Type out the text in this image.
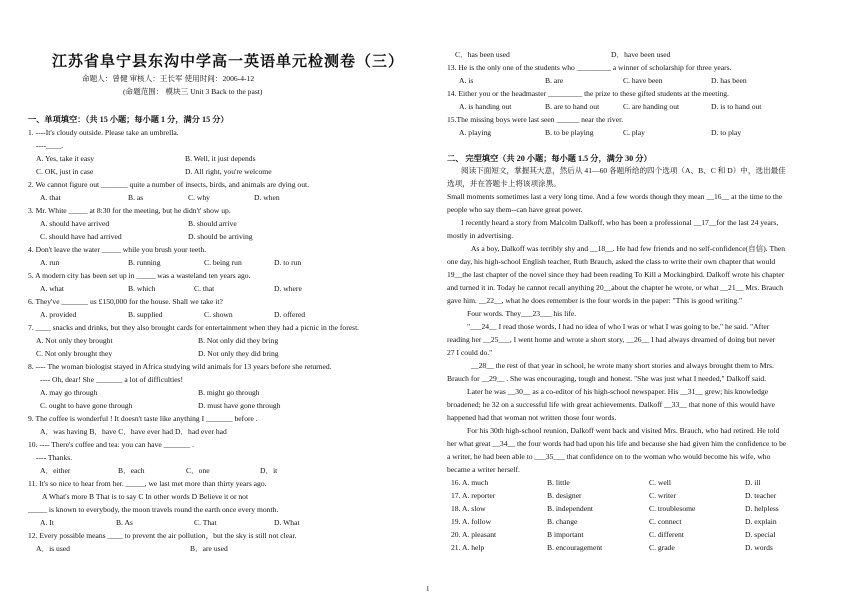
江苏省阜宁县东沟中学高一英语单元检测卷（三）
命题人：曾健 审核人：王长军 使用时间：2006-4-12
(命题范围： 模块三 Unit 3 Back to the past)
一、单项填空：（共 15 小题；每小题 1 分，满分 15 分）
1. ----It's cloudy outside. Please take an umbrella.
----____.
A. Yes, take it easy	B. Well, it just depends
C. OK, just in case	D. All right, you're welcome
2. We cannot figure out _______ quite a number of insects, birds, and animals are dying out.
A. that	B. as	C. why	D. when
3. Mr. White _____ at 8:30 for the meeting, but he didn't' show up.
A. should have arrived	B. should arrive
C. should have had arrived	D. should be arriving
4. Don't leave the water _____ while you brush your teeth.
A. run	B. running	C. being run	D. to run
5. A modern city has been set up in _____ was a wasteland ten years ago.
A. what	B. which	C. that	D. where
6. They've _______ us £150,000 for the house. Shall we take it?
A. provided	B. supplied	C. shown	D. offered
7. ____ snacks and drinks, but they also brought cards for entertainment when they had a picnic in the forest.
A. Not only they brought	B. Not only did they bring
C. Not only brought they	D. Not only they did bring
8. ---- The woman biologist stayed in Africa studying wild animals for 13 years before she returned.
---- Oh, dear! She _______ a lot of difficulties!
A. may go through	B. might go through
C. ought to have gone through	D. must have gone through
9. The coffee is wonderful ! It doesn't taste like anything I _______ before .
A．was having B．have C．have ever had D．had ever had
10. ---- There's coffee and tea: you can have _______ .
---- Thanks.
A．either	B．each	C．one	D．it
11. It's so nice to hear from her. _____, we last met more than thirty years ago.
A What's more B That is to say C In other words D Believe it or not
_____ is known to everybody, the moon travels round the earth once every month.
A. It	B. As	C. That	D. What
12. Every possible means ____ to prevent the air pollution，but the sky is still not clear.
A．is used	B．are used
C．has been used	D．have been used
13. He is the only one of the students who _________ a winner of scholarship for three years.
A. is	B. are	C. have been	D. has been
14. Either you or the headmaster _________ the prize to these gifted students at the meeting.
A. is handing out	B. are to hand out	C. are handing out	D. is to hand out
15.The missing boys were last seen ______ near the river.
A. playing	B. to be playing	C. play	D. to play
二、 完型填空（共 20 小题；每小题 1.5 分，满分 30 分）
阅读下面短文，掌握其大意，然后从 41—60 各题所给的四个选项（A、B、C 和 D）中，选出最佳
选项，并在答题卡上将该项涂黑。
Small moments sometimes last a very long time. And a few words though they mean __16__ at the time to the
people who say them--can have great power.
I recently heard a story from Malcolm Dalkoff, who has been a professional __17__for the last 24 years,
mostly in advertising.
As a boy, Dalkoff was terribly shy and __18__. He had few friends and no self-confidence(自信). Then
one day, his high-school English teacher, Ruth Brauch, asked the class to write their own chapter that would
19__the last chapter of the novel since they had been reading To Kill a Mockingbird. Dalkoff wrote his chapter
and turned it in. Today he cannot recall anything 20__about the chapter he wrote, or what __21__ Mrs. Brauch
gave him. __22__, what he does remember is the four words in the paper: "This is good writing."
Four words. They___23___ his life.
"___24__ I read those words, I had no idea of who I was or what I was going to be," he said. "After
reading her __25___, I went home and wrote a short story, __26__ I had always dreamed of doing but never
27 I could do."
__28__ the rest of that year in school, he wrote many short stories and always brought them to Mrs.
Brauch for __29__ . She was encouraging, tough and honest. "She was just what I needed," Dalkoff said.
Later he was __30__ as a co-editor of his high-school newspaper. His __31__ grew; his knowledge
broadened; he 32 on a successful life with great achievements. Dalkoff __33__ that none of this would have
happened had that woman not written those four words.
For his 30th high-school reunion, Dalkoff went back and visited Mrs. Brauch, who had retired. He told
her what great __34__ the four words had had upon his life and because she had given him the confidence to be
a writer, he had been able to ___35___ that confidence on to the woman who would become his wife, who
became a writer herself.
16. A. much	B. little	C. well	D. ill
17. A. reporter	B. designer	C. writer	D. teacher
18. A. slow	B. independent	C. troublesome	D. helpless
19. A. follow	B. change	C. connect	D. explain
20. A. pleasant	B important	C. different	D. special
21. A. help	B. encouragement	C. grade	D. words
1
